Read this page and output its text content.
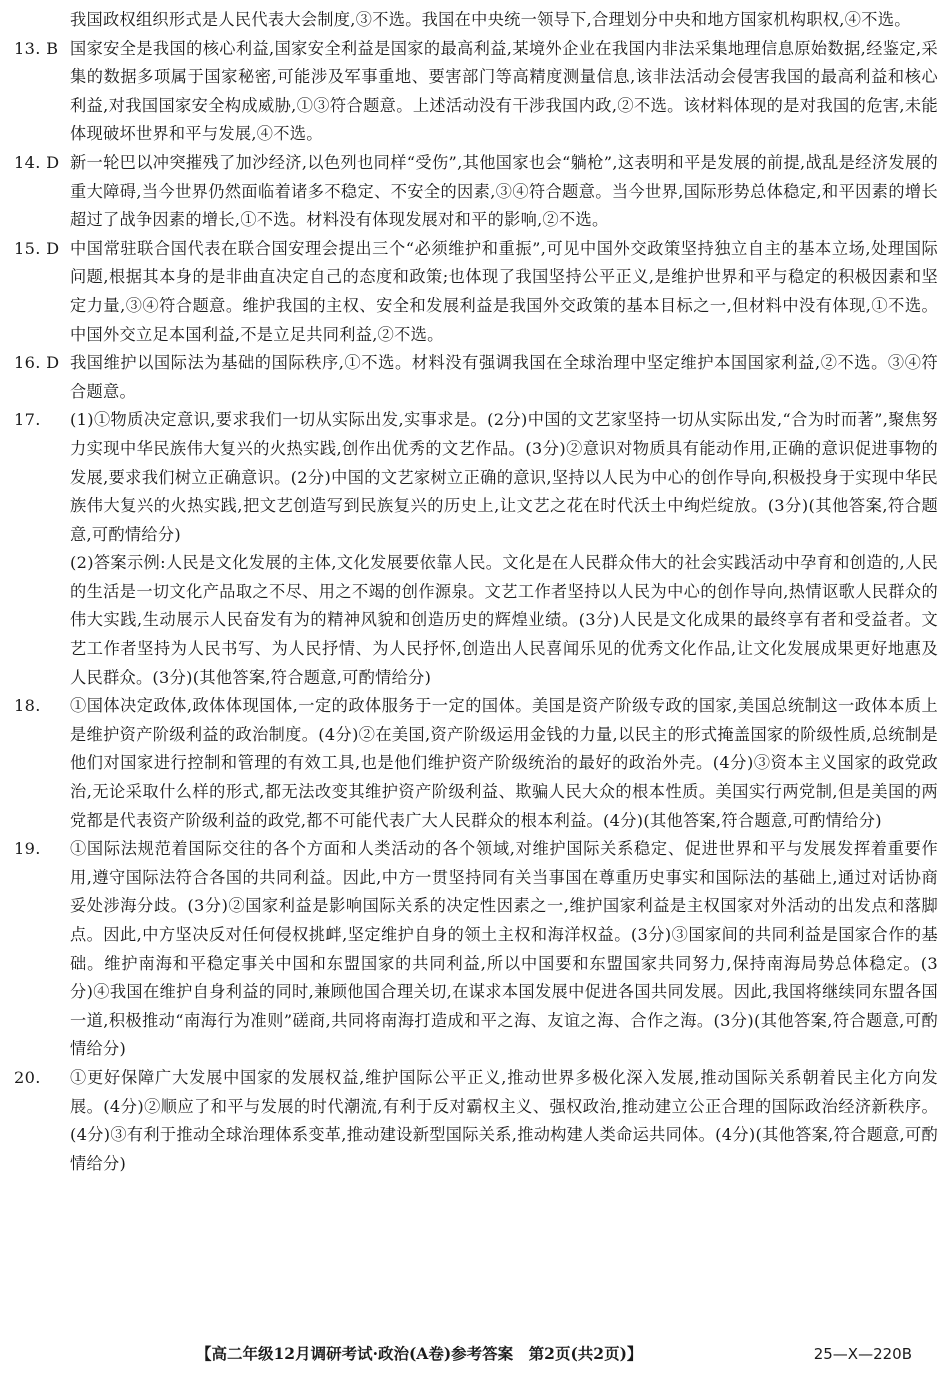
我国政权组织形式是人民代表大会制度,③不选。我国在中央统一领导下,合理划分中央和地方国家机构职权,④不选。

13. B 国家安全是我国的核心利益,国家安全利益是国家的最高利益,某境外企业在我国内非法采集地理信息原始数据,经鉴定,采集的数据多项属于国家秘密,可能涉及军事重地、要害部门等高精度测量信息,该非法活动会侵害我国的最高利益和核心利益,对我国国家安全构成威胁,①③符合题意。上述活动没有干涉我国内政,②不选。该材料体现的是对我国的危害,未能体现破坏世界和平与发展,④不选。

14. D 新一轮巴以冲突摧残了加沙经济,以色列也同样“受伤”,其他国家也会“躺枪”,这表明和平是发展的前提,战乱是经济发展的重大障碍,当今世界仍然面临着诸多不稳定、不安全的因素,③④符合题意。当今世界,国际形势总体稳定,和平因素的增长超过了战争因素的增长,①不选。材料没有体现发展对和平的影响,②不选。

15. D 中国常驻联合国代表在联合国安理会提出三个“必须维护和重振”,可见中国外交政策坚持独立自主的基本立场,处理国际问题,根据其本身的是非曲直决定自己的态度和政策;也体现了我国坚持公平正义,是维护世界和平与稳定的积极因素和坚定力量,③④符合题意。维护我国的主权、安全和发展利益是我国外交政策的基本目标之一,但材料中没有体现,①不选。中国外交立足本国利益,不是立足共同利益,②不选。

16. D 我国维护以国际法为基础的国际秩序,①不选。材料没有强调我国在全球治理中坚定维护本国国家利益,②不选。③④符合题意。

17. (1)①物质决定意识,要求我们一切从实际出发,实事求是。(2分)中国的文艺家坚持一切从实际出发,“合为时而著”,聚焦努力实现中华民族伟大复兴的火热实践,创作出优秀的文艺作品。(3分)②意识对物质具有能动作用,正确的意识促进事物的发展,要求我们树立正确意识。(2分)中国的文艺家树立正确的意识,坚持以人民为中心的创作导向,积极投身于实现中华民族伟大复兴的火热实践,把文艺创造写到民族复兴的历史上,让文艺之花在时代沃土中绚烂绽放。(3分)(其他答案,符合题意,可酌情给分)

(2)答案示例:人民是文化发展的主体,文化发展要依靠人民。文化是在人民群众伟大的社会实践活动中孕育和创造的,人民的生活是一切文化产品取之不尽、用之不竭的创作源泉。文艺工作者坚持以人民为中心的创作导向,热情讴歌人民群众的伟大实践,生动展示人民奋发有为的精神风貌和创造历史的辉煌业绩。(3分)人民是文化成果的最终享有者和受益者。文艺工作者坚持为人民书写、为人民抒情、为人民抒怀,创造出人民喜闻乐见的优秀文化作品,让文化发展成果更好地惠及人民群众。(3分)(其他答案,符合题意,可酌情给分)

18. ①国体决定政体,政体体现国体,一定的政体服务于一定的国体。美国是资产阶级专政的国家,美国总统制这一政体本质上是维护资产阶级利益的政治制度。(4分)②在美国,资产阶级运用金钱的力量,以民主的形式掩盖国家的阶级性质,总统制是他们对国家进行控制和管理的有效工具,也是他们维护资产阶级统治的最好的政治外壳。(4分)③资本主义国家的政党政治,无论采取什么样的形式,都无法改变其维护资产阶级利益、欺骗人民大众的根本性质。美国实行两党制,但是美国的两党都是代表资产阶级利益的政党,都不可能代表广大人民群众的根本利益。(4分)(其他答案,符合题意,可酌情给分)

19. ①国际法规范着国际交往的各个方面和人类活动的各个领域,对维护国际关系稳定、促进世界和平与发展发挥着重要作用,遵守国际法符合各国的共同利益。因此,中方一贯坚持同有关当事国在尊重历史事实和国际法的基础上,通过对话协商妥处涉海分歧。(3分)②国家利益是影响国际关系的决定性因素之一,维护国家利益是主权国家对外活动的出发点和落脚点。因此,中方坚决反对任何侵权挑衅,坚定维护自身的领土主权和海洋权益。(3分)③国家间的共同利益是国家合作的基础。维护南海和平稳定事关中国和东盟国家的共同利益,所以中国要和东盟国家共同努力,保持南海局势总体稳定。(3分)④我国在维护自身利益的同时,兼顾他国合理关切,在谋求本国发展中促进各国共同发展。因此,我国将继续同东盟各国一道,积极推动“南海行为准则”磋商,共同将南海打造成和平之海、友谊之海、合作之海。(3分)(其他答案,符合题意,可酌情给分)

20. ①更好保障广大发展中国家的发展权益,维护国际公平正义,推动世界多极化深入发展,推动国际关系朝着民主化方向发展。(4分)②顺应了和平与发展的时代潮流,有利于反对霸权主义、强权政治,推动建立公正合理的国际政治经济新秩序。(4分)③有利于推动全球治理体系变革,推动建设新型国际关系,推动构建人类命运共同体。(4分)(其他答案,符合题意,可酌情给分)

【高二年级12月调研考试·政治(A卷)参考答案　第2页(共2页)】	25—X—220B
